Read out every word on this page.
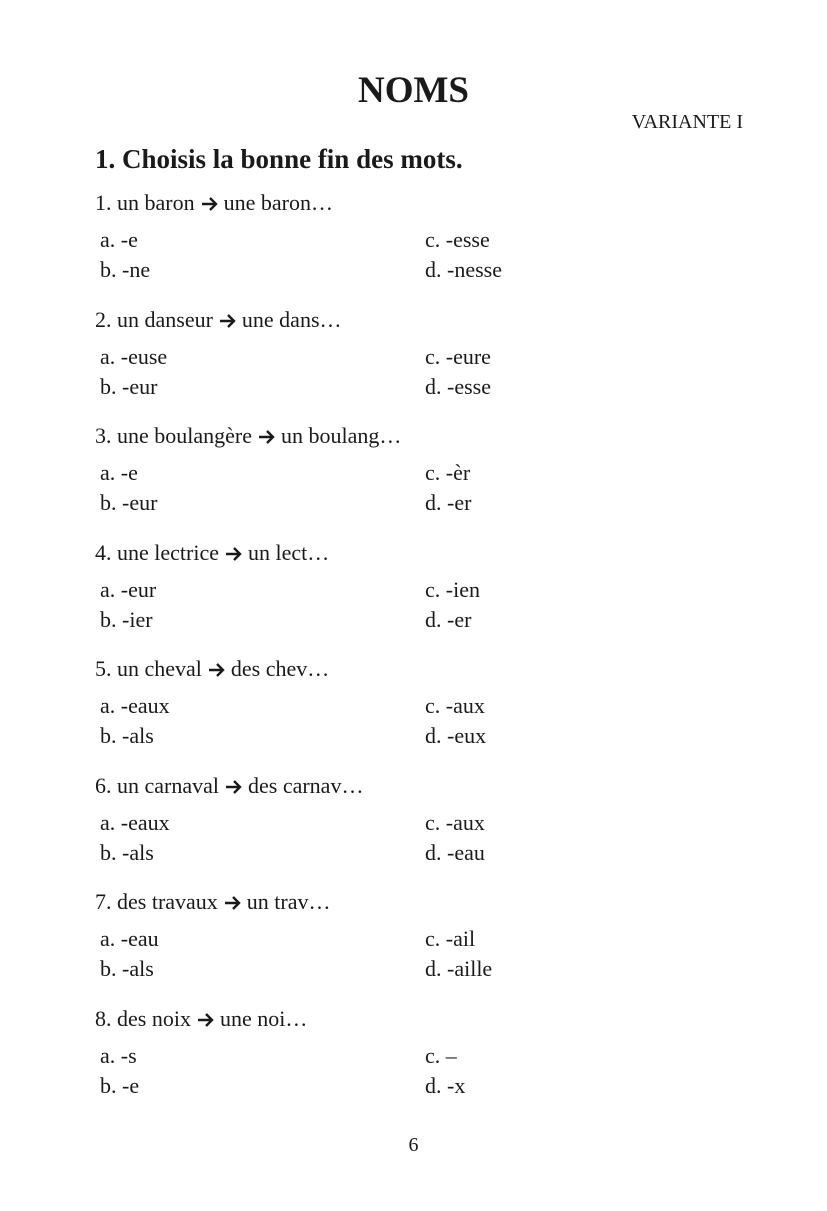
NOMS
VARIANTE I
1. Choisis la bonne fin des mots.
1. un baron une baron…
a. -e
b. -ne
c. -esse
d. -nesse
2. un danseur une dans…
a. -euse
b. -eur
c. -eure
d. -esse
3. une boulangère un boulang…
a. -e
b. -eur
c. -èr
d. -er
4. une lectrice un lect…
a. -eur
b. -ier
c. -ien
d. -er
5. un cheval des chev…
a. -eaux
b. -als
c. -aux
d. -eux
6. un carnaval des carnav…
a. -eaux
b. -als
c. -aux
d. -eau
7. des travaux un trav…
a. -eau
b. -als
c. -ail
d. -aille
8. des noix une noi…
a. -s
b. -e
c. –
d. -x
6
